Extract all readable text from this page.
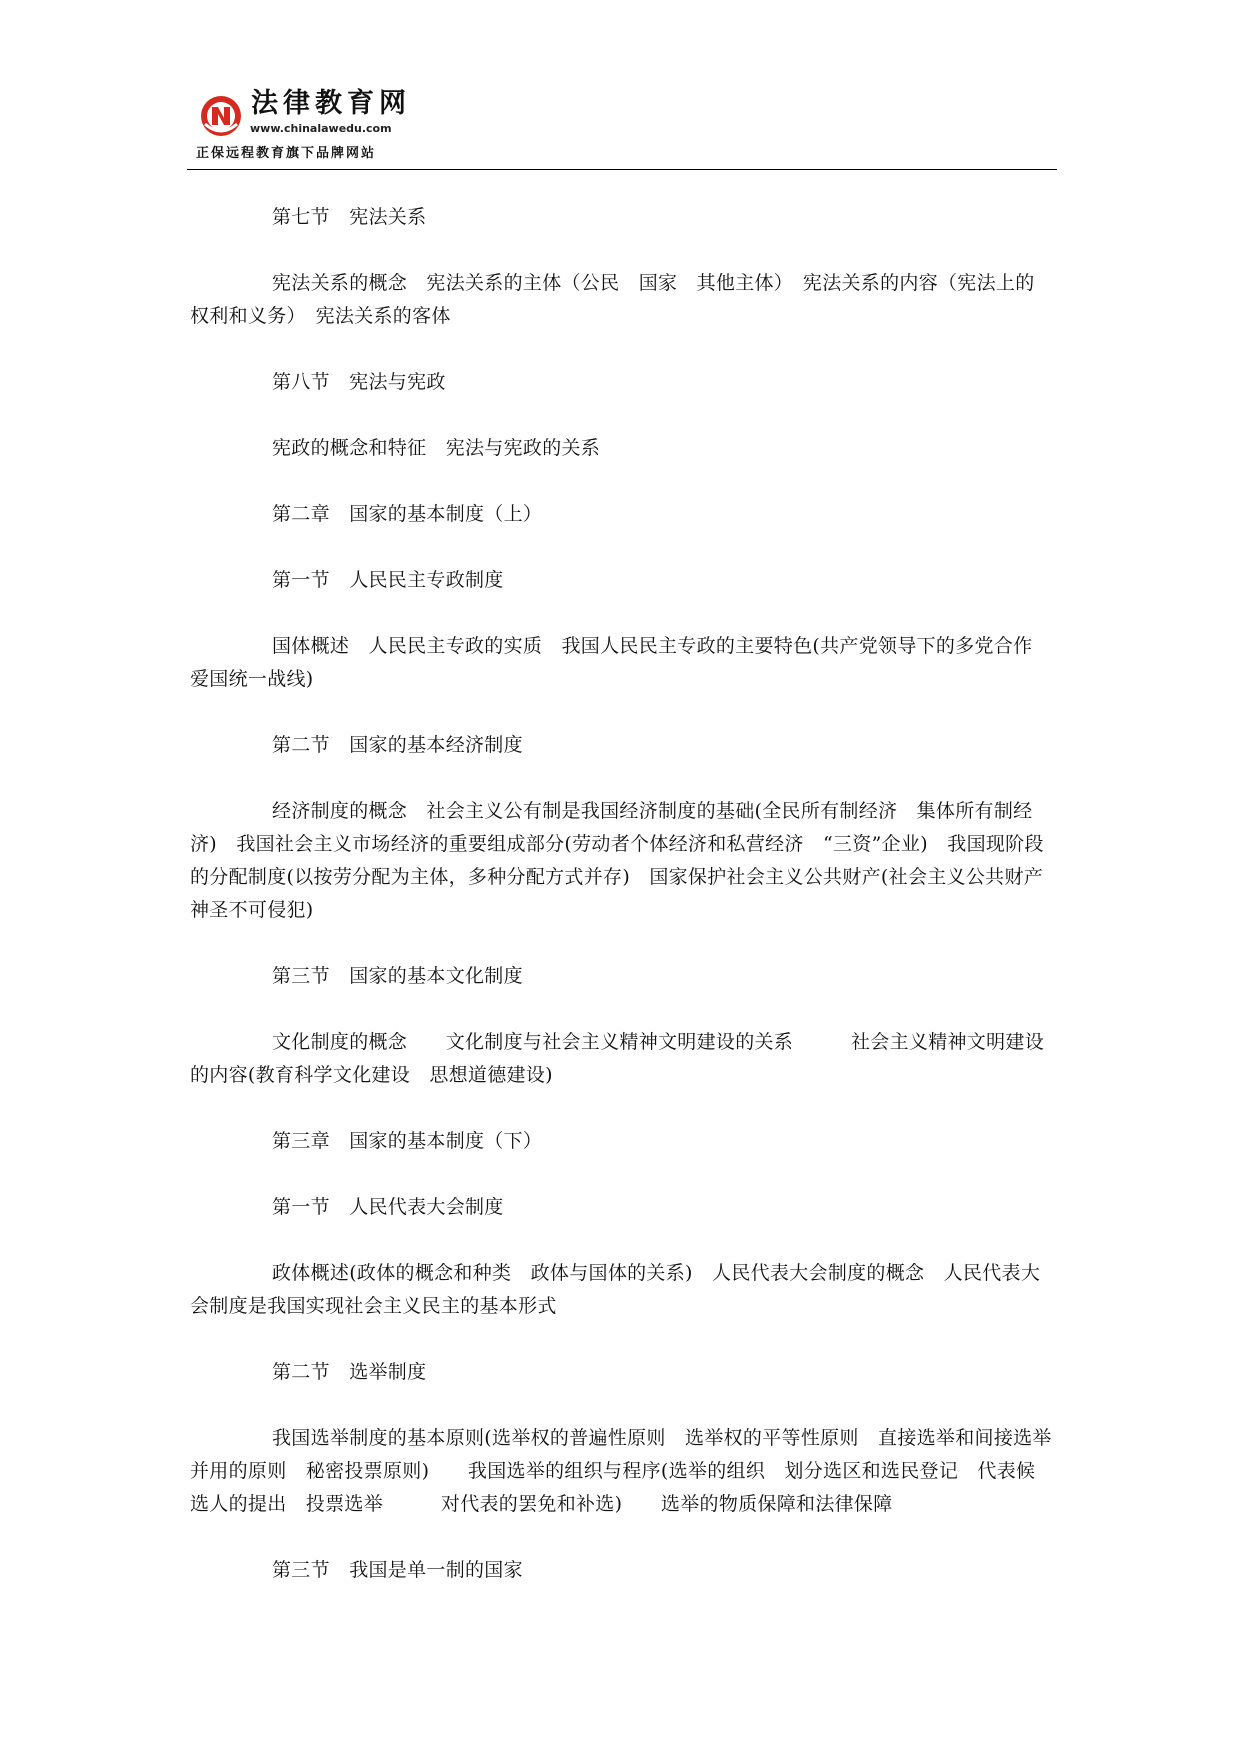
法律教育网
www.chinalawedu.com
正保远程教育旗下品牌网站

第七节　宪法关系

宪法关系的概念　宪法关系的主体（公民　国家　其他主体）　宪法关系的内容（宪法上的权利和义务）　宪法关系的客体

第八节　宪法与宪政

宪政的概念和特征　宪法与宪政的关系

第二章　国家的基本制度（上）

第一节　人民民主专政制度

国体概述　人民民主专政的实质　我国人民民主专政的主要特色(共产党领导下的多党合作　爱国统一战线)

第二节　国家的基本经济制度

经济制度的概念　社会主义公有制是我国经济制度的基础(全民所有制经济　集体所有制经济)　我国社会主义市场经济的重要组成部分(劳动者个体经济和私营经济　“三资”企业)　我国现阶段的分配制度(以按劳分配为主体，多种分配方式并存)　国家保护社会主义公共财产(社会主义公共财产神圣不可侵犯)

第三节　国家的基本文化制度

文化制度的概念　　文化制度与社会主义精神文明建设的关系　　　社会主义精神文明建设的内容(教育科学文化建设　思想道德建设)

第三章　国家的基本制度（下）

第一节　人民代表大会制度

政体概述(政体的概念和种类　政体与国体的关系)　人民代表大会制度的概念　人民代表大会制度是我国实现社会主义民主的基本形式

第二节　选举制度

我国选举制度的基本原则(选举权的普遍性原则　选举权的平等性原则　直接选举和间接选举并用的原则　秘密投票原则)　　我国选举的组织与程序(选举的组织　划分选区和选民登记　代表候选人的提出　投票选举　　　对代表的罢免和补选)　　选举的物质保障和法律保障

第三节　我国是单一制的国家
